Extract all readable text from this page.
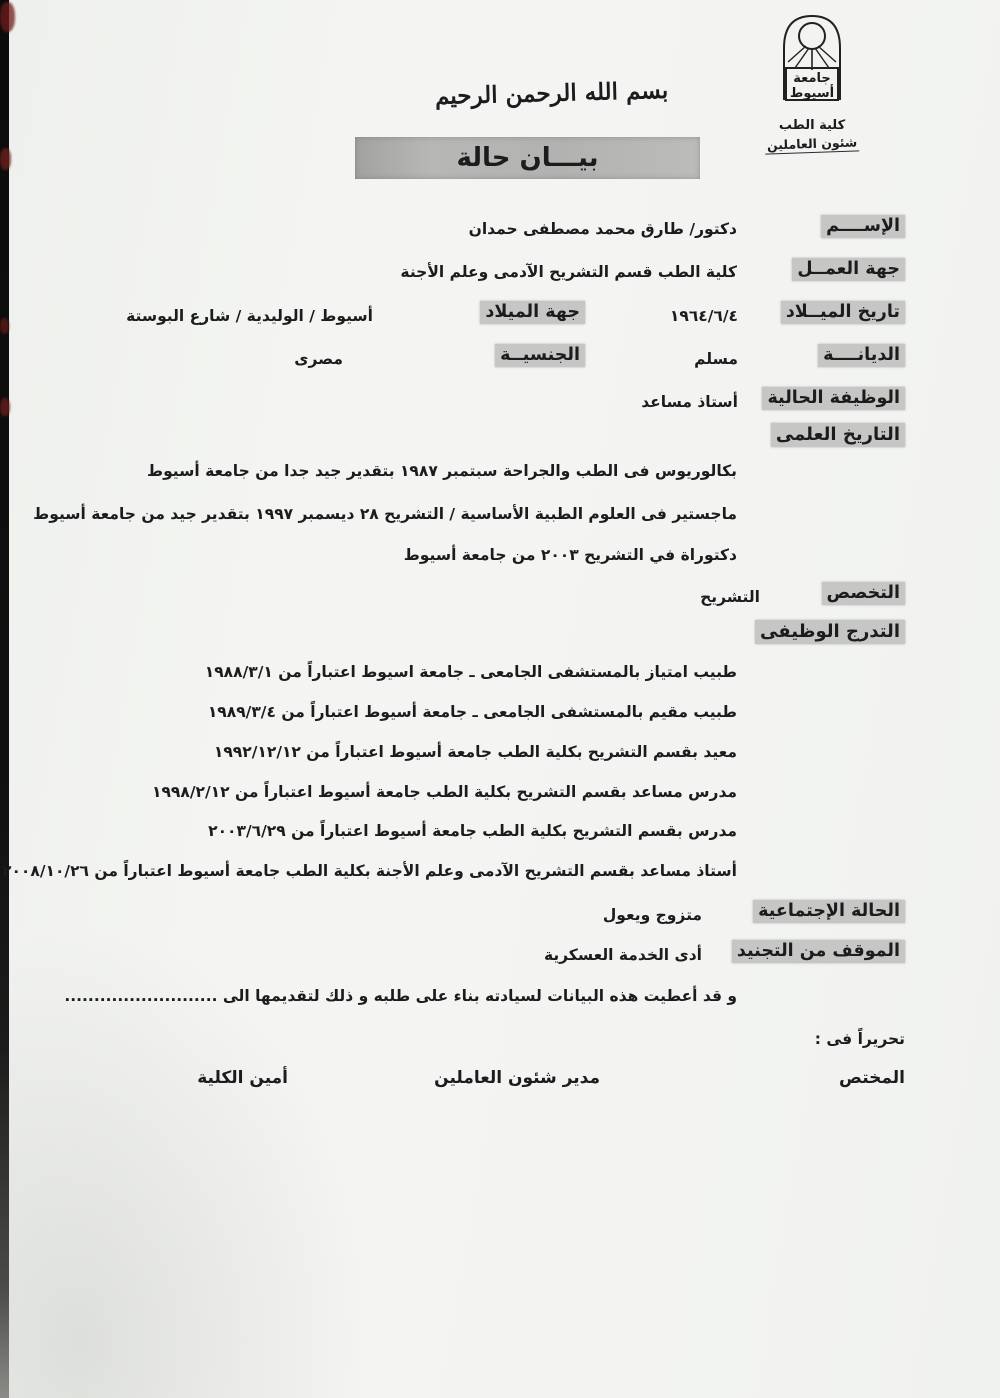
جامعة
أسيوط
كلية الطب
شئون العاملين
بسم الله الرحمن الرحيم
بيـــان حالة
الإســــم
دكتور/ طارق محمد مصطفى حمدان
جهة العمــل
كلية الطب قسم التشريح الآدمى وعلم الأجنة
تاريخ الميــلاد
١٩٦٤/٦/٤
جهة الميلاد
أسيوط / الوليدية / شارع البوستة
الديانــــة
مسلم
الجنسيــة
مصرى
الوظيفة الحالية
أستاذ مساعد
التاريخ العلمى
بكالوريوس فى الطب والجراحة سبتمبر ١٩٨٧ بتقدير جيد جدا من جامعة أسيوط
ماجستير فى العلوم الطبية الأساسية / التشريح ٢٨ ديسمبر ١٩٩٧ بتقدير جيد من جامعة أسيوط
دكتوراة في التشريح ٢٠٠٣ من جامعة أسيوط
التخصص
التشريح
التدرج الوظيفى
طبيب امتياز بالمستشفى الجامعى ـ جامعة اسيوط اعتباراً من ١٩٨٨/٣/١
طبيب مقيم بالمستشفى الجامعى ـ جامعة أسيوط اعتباراً من ١٩٨٩/٣/٤
معيد بقسم التشريح بكلية الطب جامعة أسيوط اعتباراً من ١٩٩٢/١٢/١٢
مدرس مساعد بقسم التشريح بكلية الطب جامعة أسيوط اعتباراً من ١٩٩٨/٢/١٢
مدرس بقسم التشريح بكلية الطب جامعة أسيوط اعتباراً من ٢٠٠٣/٦/٢٩
أستاذ مساعد بقسم التشريح الآدمى وعلم الأجنة بكلية الطب جامعة أسيوط اعتباراً من ٢٠٠٨/١٠/٢٦
الحالة الإجتماعية
متزوج ويعول
الموقف من التجنيد
أدى الخدمة العسكرية
و قد أعطيت هذه البيانات لسيادته بناء على طلبه و ذلك لتقديمها الى ..........................
تحريراً فى :
المختص
مدير شئون العاملين
أمين الكلية
